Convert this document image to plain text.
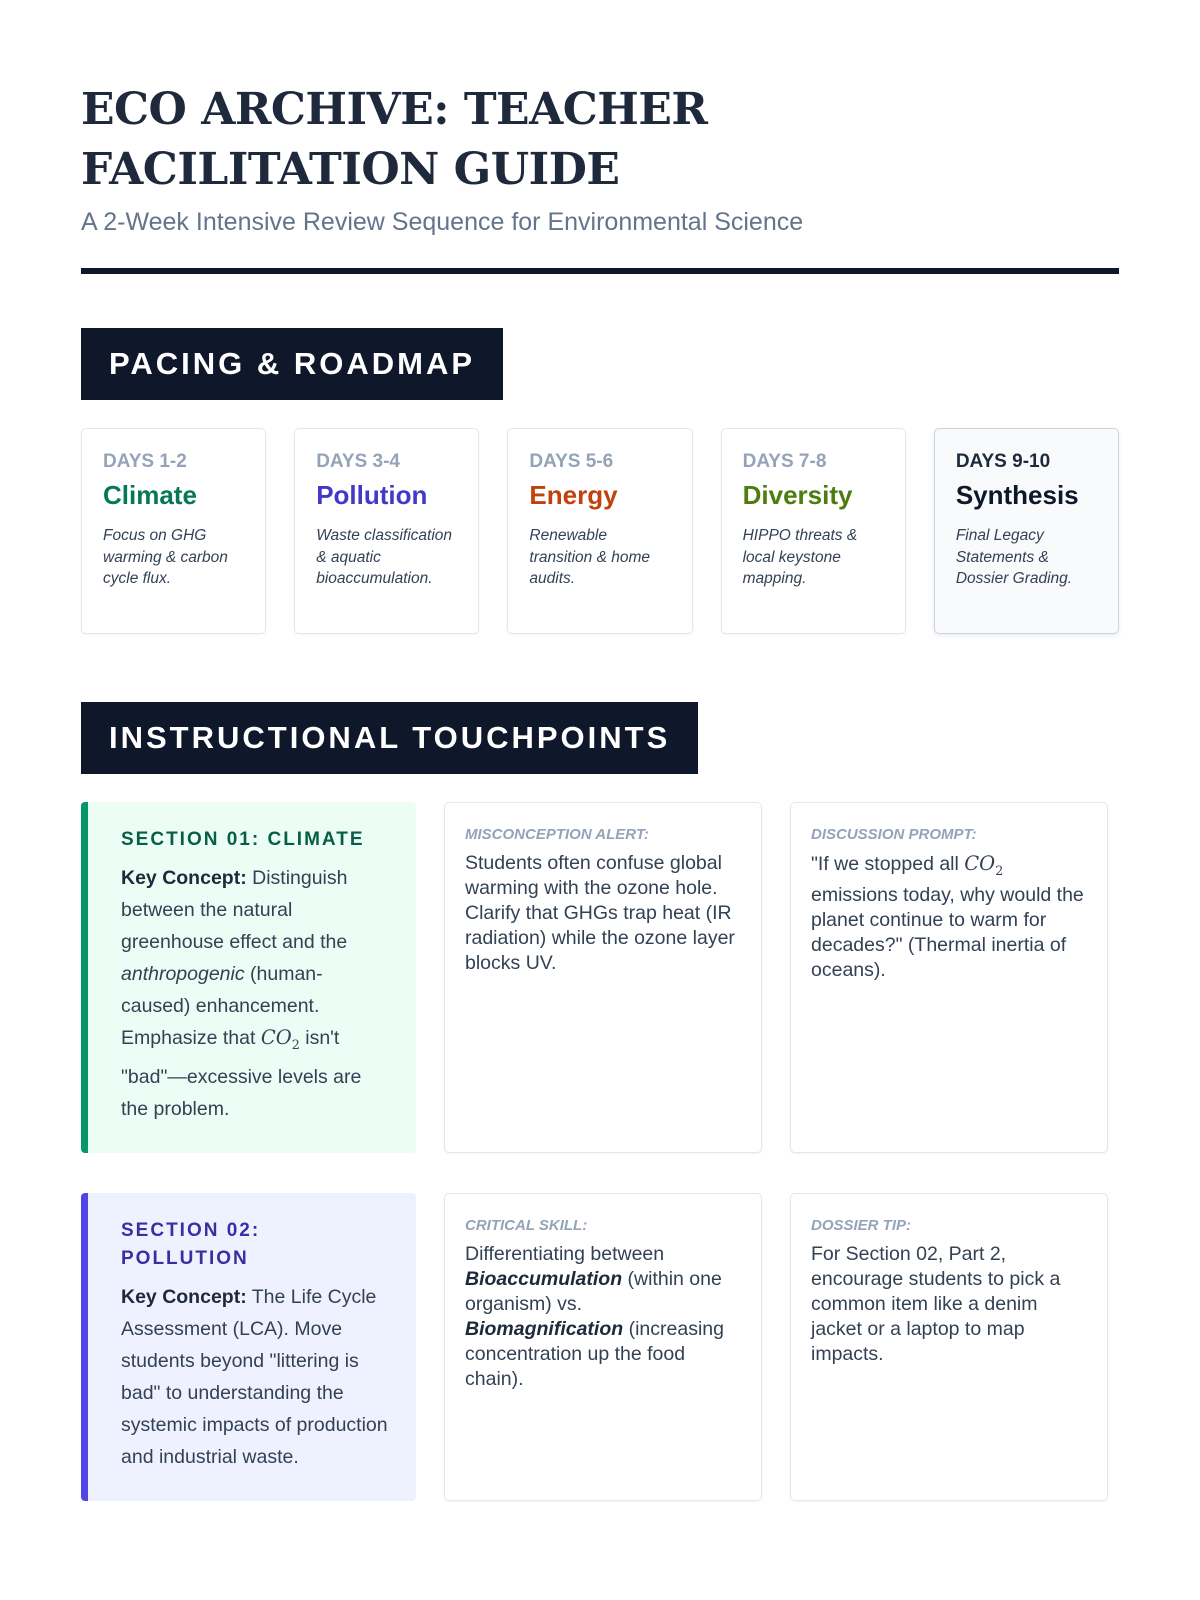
ECO ARCHIVE: TEACHER FACILITATION GUIDE
A 2-Week Intensive Review Sequence for Environmental Science
PACING & ROADMAP
DAYS 1-2
Climate
Focus on GHG warming & carbon cycle flux.
DAYS 3-4
Pollution
Waste classification & aquatic bioaccumulation.
DAYS 5-6
Energy
Renewable transition & home audits.
DAYS 7-8
Diversity
HIPPO threats & local keystone mapping.
DAYS 9-10
Synthesis
Final Legacy Statements & Dossier Grading.
INSTRUCTIONAL TOUCHPOINTS
SECTION 01: CLIMATE
Key Concept: Distinguish between the natural greenhouse effect and the anthropogenic (human-caused) enhancement. Emphasize that $CO_2$ isn't "bad"—excessive levels are the problem.
MISCONCEPTION ALERT:
Students often confuse global warming with the ozone hole. Clarify that GHGs trap heat (IR radiation) while the ozone layer blocks UV.
DISCUSSION PROMPT:
"If we stopped all $CO_2$ emissions today, why would the planet continue to warm for decades?" (Thermal inertia of oceans).
SECTION 02: POLLUTION
Key Concept: The Life Cycle Assessment (LCA). Move students beyond "littering is bad" to understanding the systemic impacts of production and industrial waste.
CRITICAL SKILL:
Differentiating between Bioaccumulation (within one organism) vs. Biomagnification (increasing concentration up the food chain).
DOSSIER TIP:
For Section 02, Part 2, encourage students to pick a common item like a denim jacket or a laptop to map impacts.
